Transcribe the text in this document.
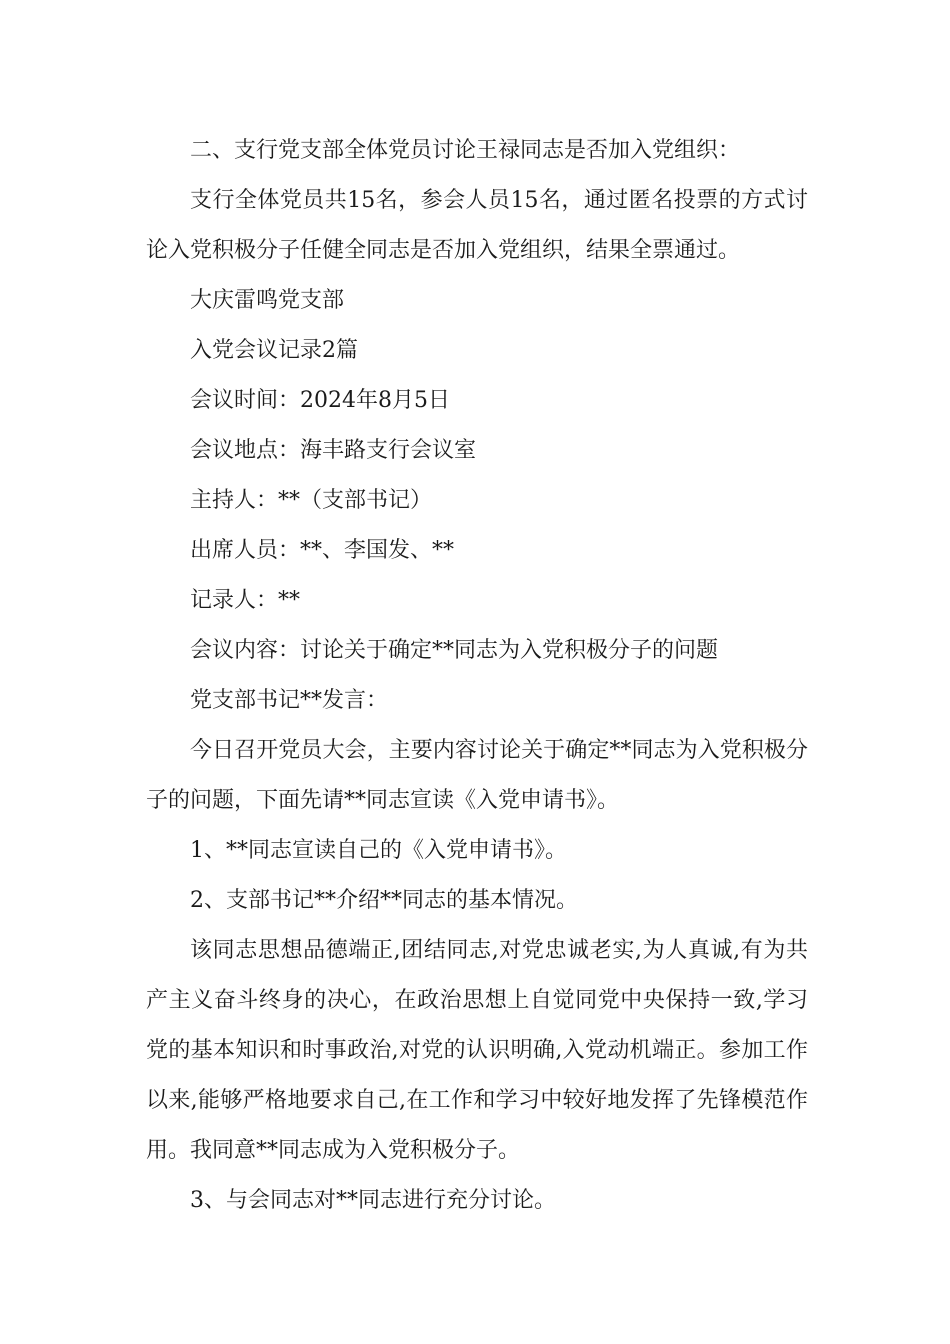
二、支行党支部全体党员讨论王禄同志是否加入党组织：

支行全体党员共15名，参会人员15名，通过匿名投票的方式讨论入党积极分子任健全同志是否加入党组织，结果全票通过。

大庆雷鸣党支部

入党会议记录2篇

会议时间：2024年8月5日

会议地点：海丰路支行会议室

主持人：**（支部书记）

出席人员：**、李国发、**

记录人：**

会议内容：讨论关于确定**同志为入党积极分子的问题

党支部书记**发言：

今日召开党员大会，主要内容讨论关于确定**同志为入党积极分子的问题，下面先请**同志宣读《入党申请书》。

1、**同志宣读自己的《入党申请书》。

2、支部书记**介绍**同志的基本情况。

该同志思想品德端正,团结同志,对党忠诚老实,为人真诚,有为共产主义奋斗终身的决心，在政治思想上自觉同党中央保持一致,学习党的基本知识和时事政治,对党的认识明确,入党动机端正。参加工作以来,能够严格地要求自己,在工作和学习中较好地发挥了先锋模范作用。我同意**同志成为入党积极分子。

3、与会同志对**同志进行充分讨论。
